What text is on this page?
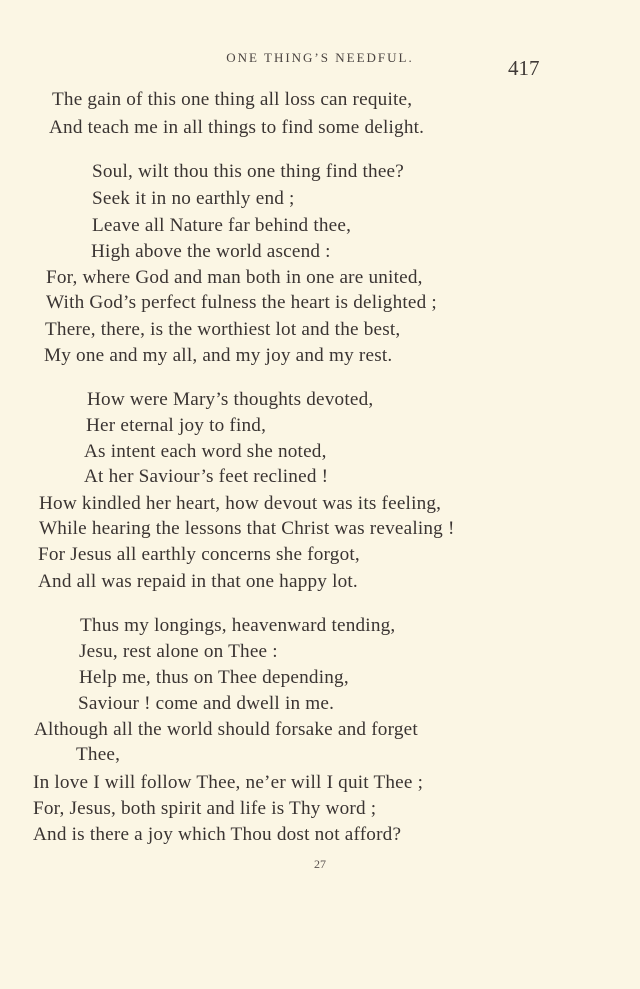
ONE THING’S NEEDFUL.	417
The gain of this one thing all loss can requite,
And teach me in all things to find some delight.
Soul, wilt thou this one thing find thee?
Seek it in no earthly end ;
Leave all Nature far behind thee,
High above the world ascend :
For, where God and man both in one are united,
With God’s perfect fulness the heart is delighted ;
There, there, is the worthiest lot and the best,
My one and my all, and my joy and my rest.
How were Mary’s thoughts devoted,
Her eternal joy to find,
As intent each word she noted,
At her Saviour’s feet reclined !
How kindled her heart, how devout was its feeling,
While hearing the lessons that Christ was revealing !
For Jesus all earthly concerns she forgot,
And all was repaid in that one happy lot.
Thus my longings, heavenward tending,
Jesu, rest alone on Thee :
Help me, thus on Thee depending,
Saviour ! come and dwell in me.
Although all the world should forsake and forget
Thee,
In love I will follow Thee, ne’er will I quit Thee ;
For, Jesus, both spirit and life is Thy word ;
And is there a joy which Thou dost not afford?
27
